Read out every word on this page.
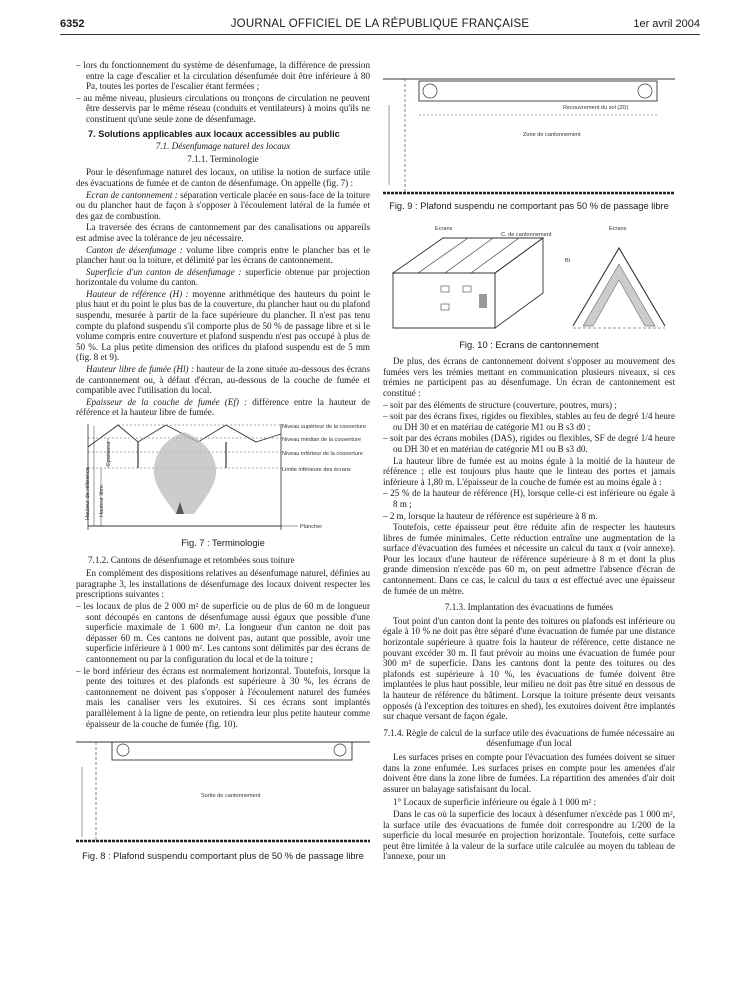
6352	JOURNAL OFFICIEL DE LA RÉPUBLIQUE FRANÇAISE	1er avril 2004

– lors du fonctionnement du système de désenfumage, la différence de pression entre la cage d'escalier et la circulation désenfumée doit être inférieure à 80 Pa, toutes les portes de l'escalier étant fermées ;

– au même niveau, plusieurs circulations ou tronçons de circulation ne peuvent être desservis par le même réseau (conduits et ventilateurs) à moins qu'ils ne constituent qu'une seule zone de désenfumage.

7. Solutions applicables aux locaux accessibles au public
7.1. Désenfumage naturel des locaux
7.1.1. Terminologie

Pour le désenfumage naturel des locaux, on utilise la notion de surface utile des évacuations de fumée et de canton de désenfumage. On appelle (fig. 7) :

Ecran de cantonnement : séparation verticale placée en sous-face de la toiture ou du plancher haut de façon à s'opposer à l'écoulement latéral de la fumée et des gaz de combustion.

La traversée des écrans de cantonnement par des canalisations ou appareils est admise avec la tolérance de jeu nécessaire.

Canton de désenfumage : volume libre compris entre le plancher bas et le plancher haut ou la toiture, et délimité par les écrans de cantonnement.

Superficie d'un canton de désenfumage : superficie obtenue par projection horizontale du volume du canton.

Hauteur de référence (H) : moyenne arithmétique des hauteurs du point le plus haut et du point le plus bas de la couverture, du plancher haut ou du plafond suspendu, mesurée à partir de la face supérieure du plancher. Il n'est pas tenu compte du plafond suspendu s'il comporte plus de 50 % de passage libre et si le volume compris entre couverture et plafond suspendu n'est pas occupé à plus de 50 %. La plus petite dimension des orifices du plafond suspendu est de 5 mm (fig. 8 et 9).

Hauteur libre de fumée (Hl) : hauteur de la zone située au-dessous des écrans de cantonnement ou, à défaut d'écran, au-dessous de la couche de fumée et compatible avec l'utilisation du local.

Epaisseur de la couche de fumée (Ef) : différence entre la hauteur de référence et la hauteur libre de fumée.

Niveau supérieur de la couverture
Niveau médian de la couverture
Niveau inférieur de la couverture
Limite inférieure des écrans
Plancher
Hauteur de référence	Hauteur libre
Epaisseur
Fig. 7 : Terminologie
7.1.2. Cantons de désenfumage et retombées sous toiture

En complément des dispositions relatives au désenfumage naturel, définies au paragraphe 3, les installations de désenfumage des locaux doivent respecter les prescriptions suivantes :

– les locaux de plus de 2 000 m² de superficie ou de plus de 60 m de longueur sont découpés en cantons de désenfumage aussi égaux que possible d'une superficie maximale de 1 600 m². La longueur d'un canton ne doit pas dépasser 60 m. Ces cantons ne doivent pas, autant que possible, avoir une superficie inférieure à 1 000 m². Les cantons sont délimités par des écrans de cantonnement ou par la configuration du local et de la toiture ;

– le bord inférieur des écrans est normalement horizontal. Toutefois, lorsque la pente des toitures et des plafonds est supérieure à 30 %, les écrans de cantonnement ne doivent pas s'opposer à l'écoulement naturel des fumées mais les canaliser vers les exutoires. Si ces écrans sont implantés parallèlement à la ligne de pente, on retiendra leur plus petite hauteur comme épaisseur de la couche de fumée (fig. 10).

Sortie de cantonnement
Fig. 8 : Plafond suspendu comportant plus de 50 % de passage libre
Recouvrement du sol (2D)
Zone de cantonnement
Fig. 9 : Plafond suspendu ne comportant pas 50 % de passage libre
Ecrans
C. de cantonnement
Ecrans
Bl
Fig. 10 : Ecrans de cantonnement

De plus, des écrans de cantonnement doivent s'opposer au mouvement des fumées vers les trémies mettant en communication plusieurs niveaux, si ces trémies ne participent pas au désenfumage. Un écran de cantonnement est constitué :

– soit par des éléments de structure (couverture, poutres, murs) ;

– soit par des écrans fixes, rigides ou flexibles, stables au feu de degré 1/4 heure ou DH 30 et en matériau de catégorie M1 ou B s3 d0 ;

– soit par des écrans mobiles (DAS), rigides ou flexibles, SF de degré 1/4 heure ou DH 30 et en matériau de catégorie M1 ou B s3 d0.

La hauteur libre de fumée est au moins égale à la moitié de la hauteur de référence ; elle est toujours plus haute que le linteau des portes et jamais inférieure à 1,80 m. L'épaisseur de la couche de fumée est au moins égale à :

– 25 % de la hauteur de référence (H), lorsque celle-ci est inférieure ou égale à 8 m ;

– 2 m, lorsque la hauteur de référence est supérieure à 8 m.

Toutefois, cette épaisseur peut être réduite afin de respecter les hauteurs libres de fumée minimales. Cette réduction entraîne une augmentation de la surface d'évacuation des fumées et nécessite un calcul du taux α (voir annexe). Pour les locaux d'une hauteur de référence supérieure à 8 m et dont la plus grande dimension n'excède pas 60 m, on peut admettre l'absence d'écran de cantonnement. Dans ce cas, le calcul du taux α est effectué avec une épaisseur de fumée de un mètre.

7.1.3. Implantation des évacuations de fumées

Tout point d'un canton dont la pente des toitures ou plafonds est inférieure ou égale à 10 % ne doit pas être séparé d'une évacuation de fumée par une distance horizontale supérieure à quatre fois la hauteur de référence, cette distance ne pouvant excéder 30 m. Il faut prévoir au moins une évacuation de fumée pour 300 m² de superficie. Dans les cantons dont la pente des toitures ou des plafonds est supérieure à 10 %, les évacuations de fumée doivent être implantées le plus haut possible, leur milieu ne doit pas être situé en dessous de la hauteur de référence du bâtiment. Lorsque la toiture présente deux versants opposés (à l'exception des toitures en shed), les exutoires doivent être implantés sur chaque versant de façon égale.

7.1.4. Règle de calcul de la surface utile des évacuations de fumée nécessaire au désenfumage d'un local

Les surfaces prises en compte pour l'évacuation des fumées doivent se situer dans la zone enfumée. Les surfaces prises en compte pour les amenées d'air doivent être dans la zone libre de fumées. La répartition des amenées d'air doit assurer un balayage satisfaisant du local.

1° Locaux de superficie inférieure ou égale à 1 000 m² :

Dans le cas où la superficie des locaux à désenfumer n'excède pas 1 000 m², la surface utile des évacuations de fumée doit correspondre au 1/200 de la superficie du local mesurée en projection horizontale. Toutefois, cette surface peut être limitée à la valeur de la surface utile calculée au moyen du tableau de l'annexe, pour un
